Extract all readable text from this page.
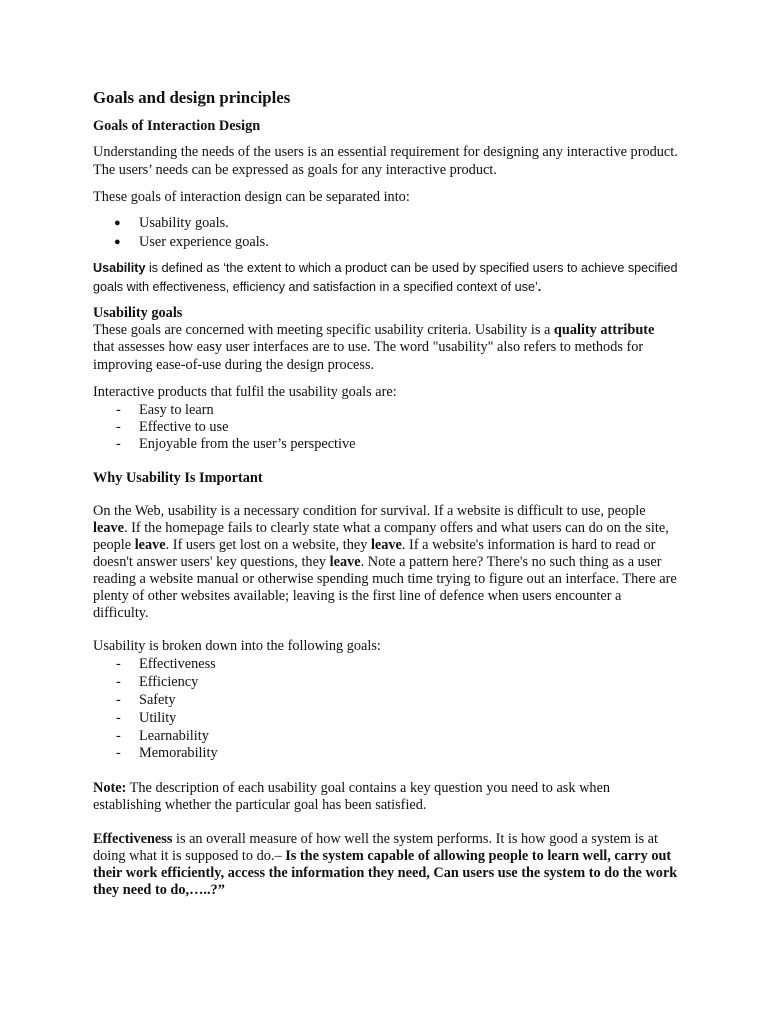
Goals and design principles
Goals of Interaction Design

Understanding the needs of the users is an essential requirement for designing any interactive product. The users’ needs can be expressed as goals for any interactive product.

These goals of interaction design can be separated into:

● Usability goals.
● User experience goals.

Usability is defined as ‘the extent to which a product can be used by specified users to achieve specified goals with effectiveness, efficiency and satisfaction in a specified context of use’.

Usability goals

These goals are concerned with meeting specific usability criteria. Usability is a quality attribute that assesses how easy user interfaces are to use. The word "usability" also refers to methods for improving ease-of-use during the design process.

Interactive products that fulfil the usability goals are:

- Easy to learn
- Effective to use
- Enjoyable from the user’s perspective
Why Usability Is Important

On the Web, usability is a necessary condition for survival. If a website is difficult to use, people leave. If the homepage fails to clearly state what a company offers and what users can do on the site, people leave. If users get lost on a website, they leave. If a website's information is hard to read or doesn't answer users' key questions, they leave. Note a pattern here? There's no such thing as a user reading a website manual or otherwise spending much time trying to figure out an interface. There are plenty of other websites available; leaving is the first line of defence when users encounter a difficulty.

Usability is broken down into the following goals:

- Effectiveness
- Efficiency
- Safety
- Utility
- Learnability
- Memorability

Note: The description of each usability goal contains a key question you need to ask when establishing whether the particular goal has been satisfied.

Effectiveness is an overall measure of how well the system performs. It is how good a system is at doing what it is supposed to do.– Is the system capable of allowing people to learn well, carry out their work efficiently, access the information they need, Can users use the system to do the work they need to do,…..?”
